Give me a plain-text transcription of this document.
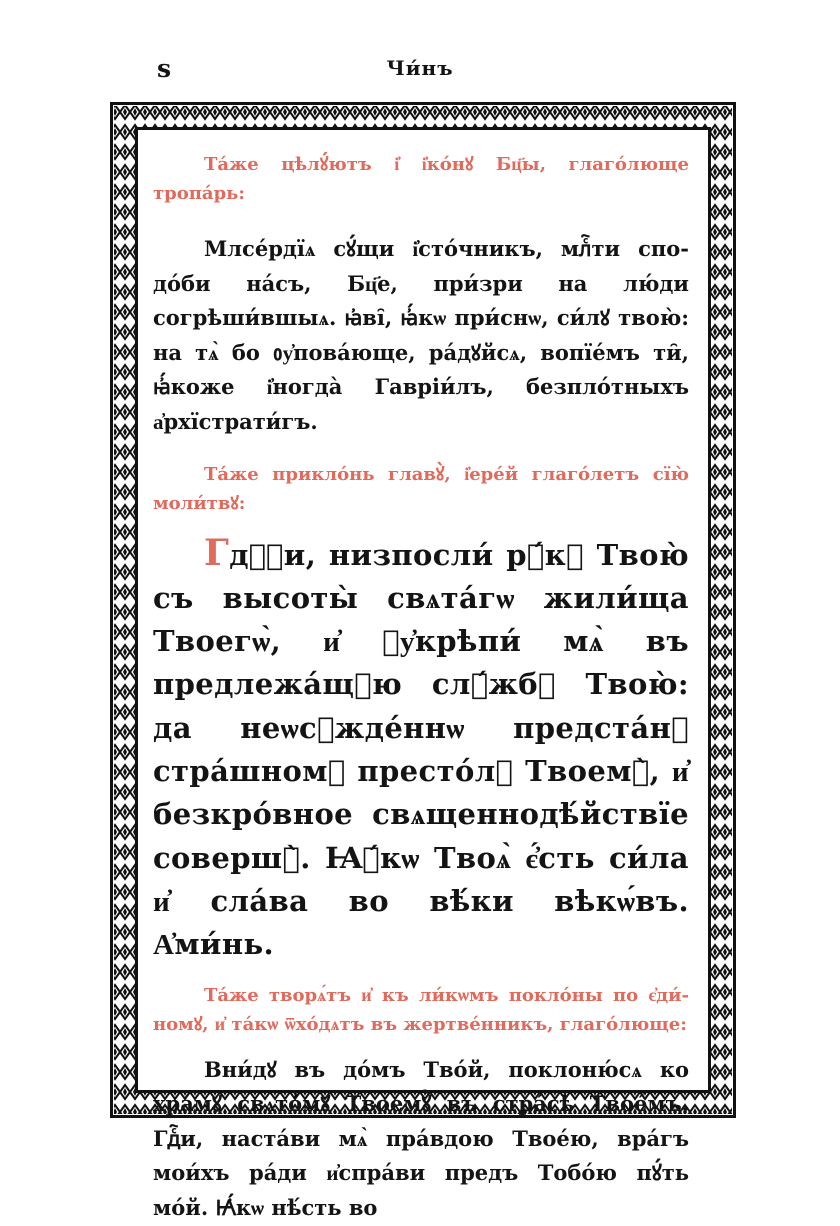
ѕ	Чи́нъ

Та́же цѣлꙋ́ютъ і҆ і҆ко́нꙋ Бц҃ы, глаго́люще тропа́рь:

Млсе́рдїѧ сꙋ́щи і҆сто́чникъ, млⷭ҇ти сподо́би на́съ, Бц҃е, при́зри на лю́ди согрѣши́вшыѧ. ꙗ҆ві̑, ꙗ҆́кѡ при́снѡ, си́лꙋ твою̀: на тѧ̀ бо ᲂу҆пова́юще, ра́дꙋйсѧ, вопїе́мъ ти̑, ꙗ҆́коже і҆ногда̀ Гавріи́лъ, безпло́тныхъ а҆рхїстрати́гъ.

Та́же прикло́нь главꙋ̀, і҆ере́й глаго́летъ сїю̀ моли́твꙋ:

Гдⷭ҇и, низпосли́ рꙋ́кꙋ Твою̀ съ высоты̀ свѧта́гѡ жили́ща Твоегѡ̀, и҆ ᲂу҆крѣпи́ мѧ̀ въ предлежа́щꙋю слꙋ́жбꙋ Твою̀: да неѡсꙋжде́ннѡ предста́нꙋ стра́шномꙋ престо́лꙋ Твоемꙋ̀, и҆ безкро́вное свѧщеннодѣ́йствїе совершꙋ̀. Ꙗ҆́кѡ Твоѧ̀ є҆́сть си́ла и҆ сла́ва во вѣ́ки вѣкѡ́въ. А҆ми́нь.

Та́же творѧ́тъ и҆ къ ли́кѡмъ покло́ны по є҆ди́номꙋ, и҆ та́кѡ ѿхо́дѧтъ въ жертве́нникъ, глаго́люще:

Вни́дꙋ въ до́мъ Тво́й, поклоню́сѧ ко хра́мꙋ свѧто́мꙋ Твоемꙋ̀ въ стра́сѣ Твое́мъ. Гдⷭ҇и, наста́ви мѧ̀ пра́вдою Твое́ю, вра́гъ мои́хъ ра́ди и҆спра́ви предъ Тобо́ю пꙋ́ть мо́й. Ꙗ҆́кѡ нѣ́сть во
